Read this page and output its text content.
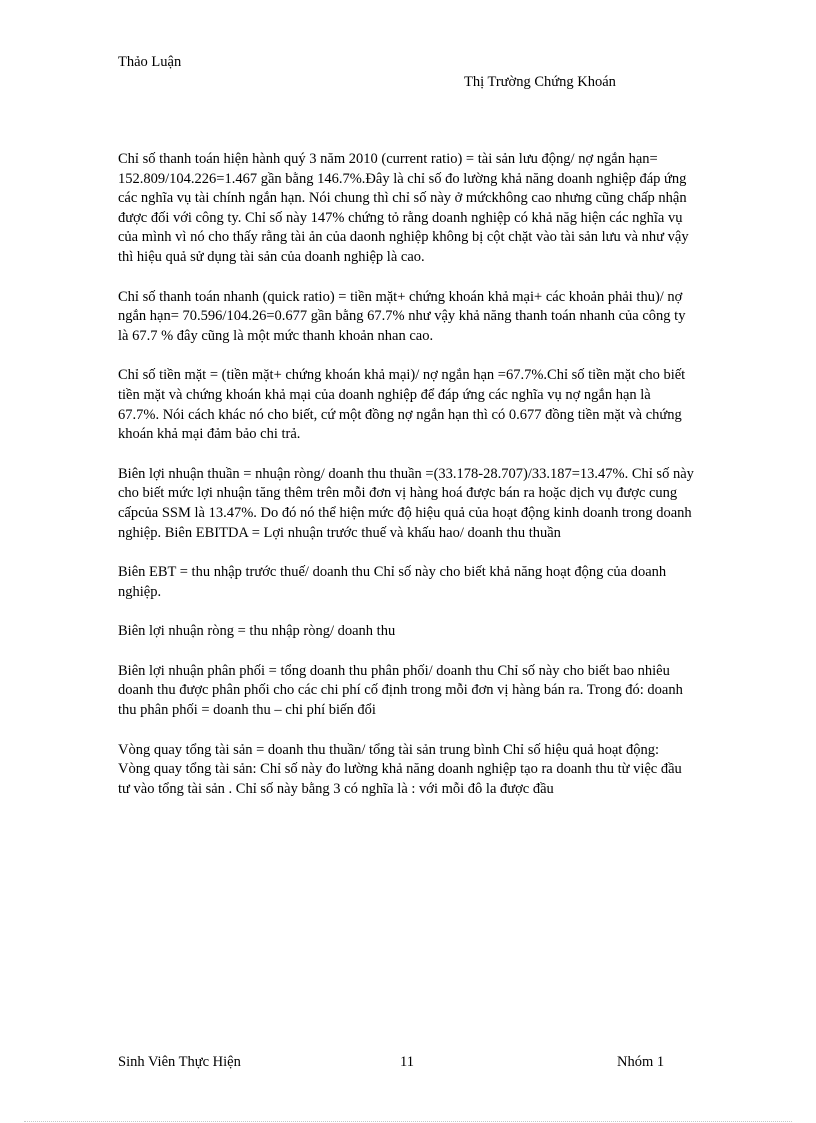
Thảo Luận
Thị Trường Chứng Khoán

Chỉ số thanh toán hiện hành quý 3 năm 2010 (current ratio) = tài sản lưu động/ nợ ngắn hạn= 152.809/104.226=1.467 gần bằng 146.7%.Đây là chỉ số đo lường khả năng doanh nghiệp đáp ứng các nghĩa vụ tài chính ngắn hạn. Nói chung thì chỉ số này ở mứckhông cao nhưng cũng chấp nhận được đối với công ty. Chỉ số này 147% chứng tỏ rằng doanh nghiệp có khả năg hiện các nghĩa vụ của mình vì nó cho thấy rằng tài ản của daonh nghiệp không bị cột chặt vào tài sản lưu và như vậy thì hiệu quả sử dụng tài sản của doanh nghiệp là cao.

Chỉ số thanh toán nhanh (quick ratio) = tiền mặt+ chứng khoán khả mại+ các khoản phải thu)/ nợ ngắn hạn= 70.596/104.26=0.677 gần bằng 67.7% như vậy khả năng thanh toán nhanh của công ty là 67.7 % đây cũng là một mức thanh khoản nhan cao.

Chỉ số tiền mặt = (tiền mặt+ chứng khoán khả mại)/ nợ ngắn hạn =67.7%.Chỉ số tiền mặt cho biết tiền mặt và chứng khoán khả mại của doanh nghiệp để đáp ứng các nghĩa vụ nợ ngắn hạn là 67.7%. Nói cách khác nó cho biết, cứ một đồng nợ ngắn hạn thì có 0.677 đồng tiền mặt và chứng khoán khả mại đảm bảo chi trả.

Biên lợi nhuận thuần = nhuận ròng/ doanh thu thuần =(33.178-28.707)/33.187=13.47%. Chỉ số này cho biết mức lợi nhuận tăng thêm trên mỗi đơn vị hàng hoá được bán ra hoặc dịch vụ được cung cấpcủa SSM là 13.47%. Do đó nó thể hiện mức độ hiệu quả của hoạt động kinh doanh trong doanh nghiệp. Biên EBITDA = Lợi nhuận trước thuế và khấu hao/ doanh thu thuần

Biên EBT = thu nhập trước thuế/ doanh thu Chỉ số này cho biết khả năng hoạt động của doanh nghiệp.

Biên lợi nhuận ròng = thu nhập ròng/ doanh thu

Biên lợi nhuận phân phối = tổng doanh thu phân phối/ doanh thu Chỉ số này cho biết bao nhiêu doanh thu được phân phối cho các chi phí cố định trong mỗi đơn vị hàng bán ra. Trong đó: doanh thu phân phối = doanh thu – chi phí biến đổi

Vòng quay tổng tài sản = doanh thu thuần/ tổng tài sản trung bình Chỉ số hiệu quả hoạt động: Vòng quay tổng tài sản: Chỉ số này đo lường khả năng doanh nghiệp tạo ra doanh thu từ việc đầu tư vào tổng tài sản . Chỉ số này bằng 3 có nghĩa là : với mỗi đô la được đầu

Sinh Viên Thực Hiện	11	Nhóm 1
